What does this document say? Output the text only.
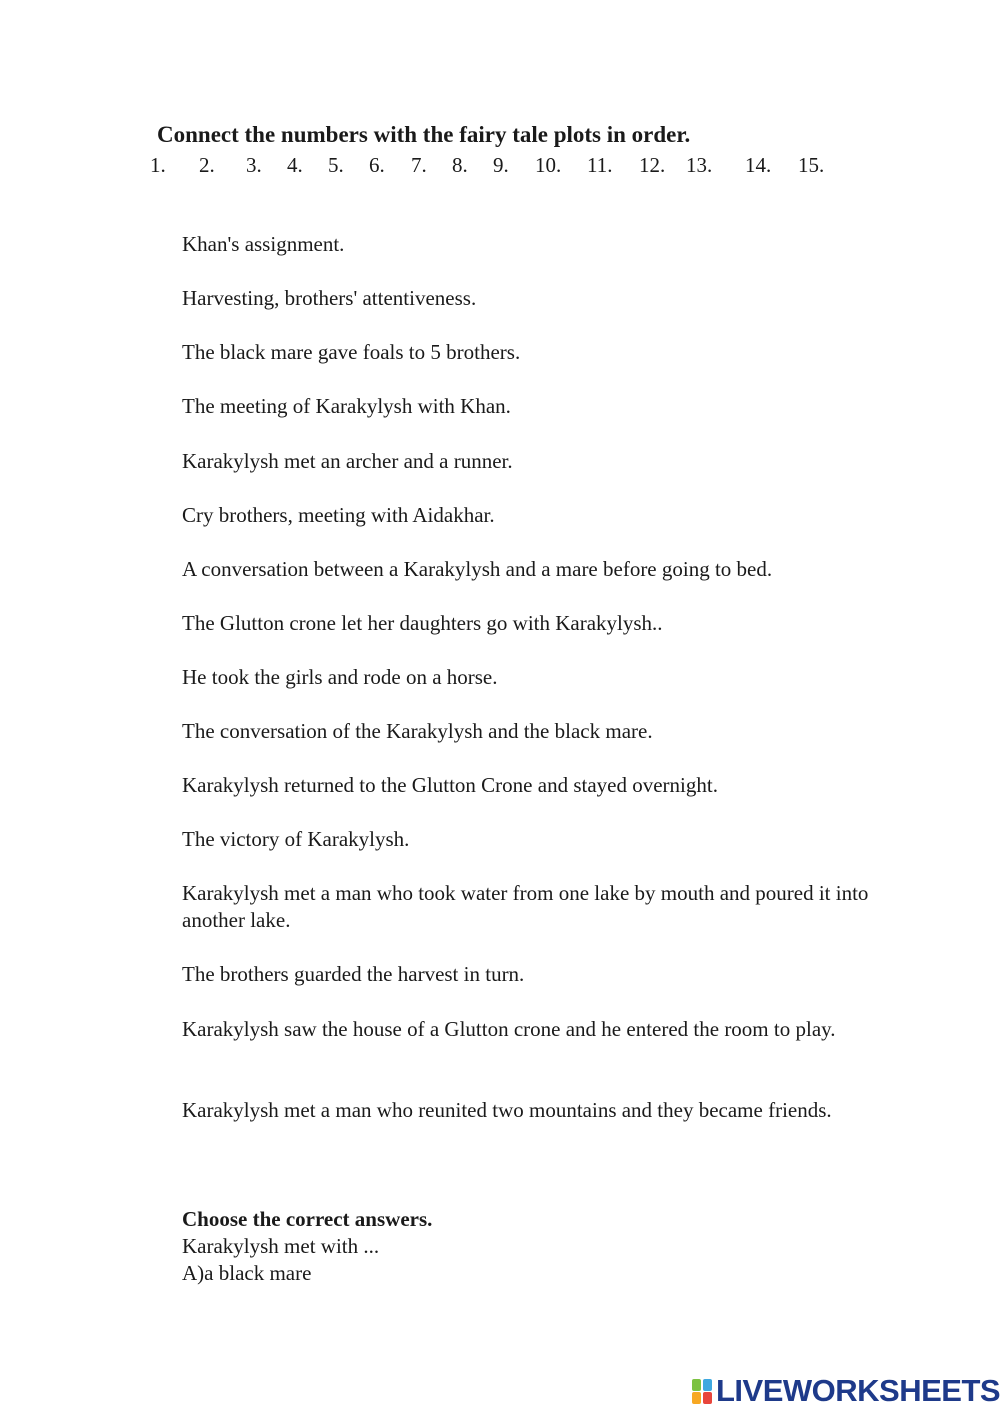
Connect the numbers with the fairy tale plots in order.
1. 2. 3. 4. 5. 6. 7. 8. 9. 10. 11. 12. 13. 14. 15.
Khan's assignment.
Harvesting, brothers' attentiveness.
The black mare gave foals to 5 brothers.
The meeting of Karakylysh with Khan.
Karakylysh met an archer and a runner.
Cry brothers, meeting with Aidakhar.
A conversation between a Karakylysh and a mare before going to bed.
The Glutton crone let her daughters go with Karakylysh..
He took the girls and rode on a horse.
The conversation of the Karakylysh and the black mare.
Karakylysh returned to the Glutton Crone and stayed overnight.
The victory of Karakylysh.
Karakylysh met a man who took water from one lake by mouth and poured it into another lake.
The brothers guarded the harvest in turn.
Karakylysh saw the house of a Glutton crone and he entered the room to play.
Karakylysh met a man who reunited two mountains and they became friends.
Choose the correct answers.
Karakylysh met with ...
A)a black mare
LIVEWORKSHEETS
